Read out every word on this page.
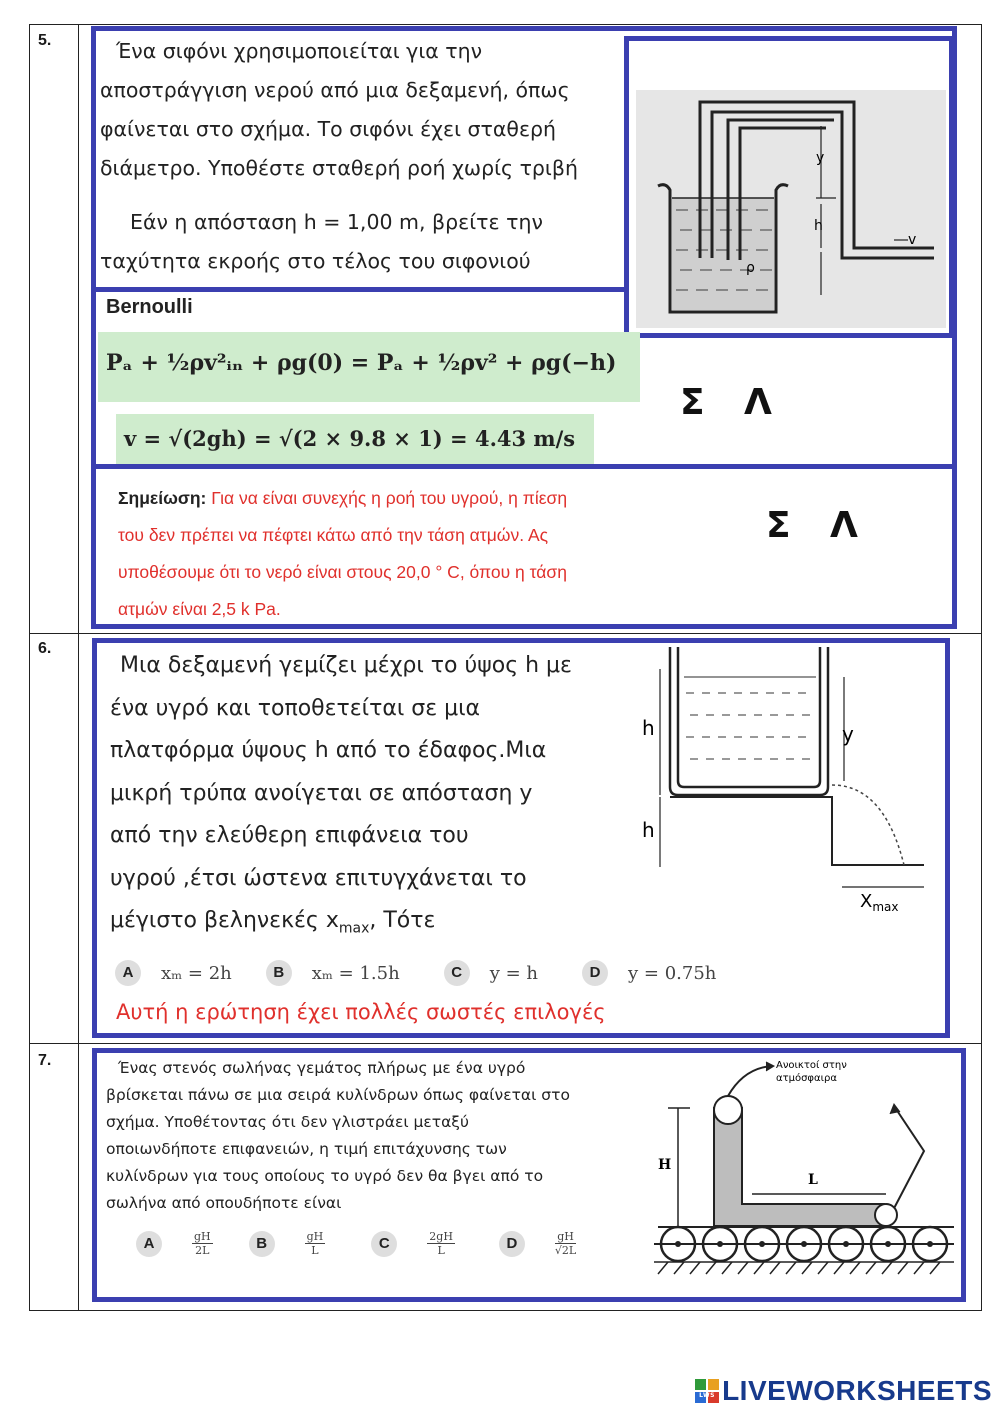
5.	Ένα σιφόνι χρησιμοποιείται για την
αποστράγγιση νερού από μια δεξαμενή, όπως
φαίνεται στο σχήμα. Το σιφόνι έχει σταθερή
διάμετρο. Υποθέστε σταθερή ροή χωρίς τριβή
Εάν η απόσταση h = 1,00 m, βρείτε την
ταχύτητα εκροής στο τέλος του σιφονιού
y
h
v
ρ
Bernoulli
Pₐ + ½ρv²ᵢₙ + ρg(0) = Pₐ + ½ρv² + ρg(−h)
v = √(2gh) = √(2 × 9.8 × 1) = 4.43 m/s
Σ Λ
Σημείωση: Για να είναι συνεχής η ροή του υγρού, η πίεση
του δεν πρέπει να πέφτει κάτω από την τάση ατμών. Ας
υποθέσουμε ότι το νερό είναι στους 20,0 ° C, όπου η τάση
ατμών είναι 2,5 k Pa.
Σ Λ
6.
Μια δεξαμενή γεμίζει μέχρι το ύψος h με
ένα υγρό και τοποθετείται σε μια
πλατφόρμα ύψους h από το έδαφος.Μια
μικρή τρύπα ανοίγεται σε απόσταση y
από την ελεύθερη επιφάνεια του
υγρού ,έτσι ώστενα επιτυγχάνεται το
μέγιστο βεληνεκές $x_{max}$, Τότε
h
h
y
$X_{max}$
A	xₘ = 2h	B	xₘ = 1.5h	C	y = h	D	y = 0.75h
Αυτή η ερώτηση έχει πολλές σωστές επιλογές
7.	Ένας στενός σωλήνας γεμάτος πλήρως με ένα υγρό
βρίσκεται πάνω σε μια σειρά κυλίνδρων όπως φαίνεται στο
σχήμα. Υποθέτοντας ότι δεν γλιστράει μεταξύ
οποιωνδήποτε επιφανειών, η τιμή επιτάχυνσης των
κυλίνδρων για τους οποίους το υγρό δεν θα βγει από το
σωλήνα από οπουδήποτε είναι
A	$\frac{gH}{2L}$	B	$\frac{gH}{L}$	C	$\frac{2gH}{L}$	D	$\frac{gH}{√2L}$
Ανοικτοί στην ατμόσφαιρα
L
H
LWS LIVEWORKSHEETS
